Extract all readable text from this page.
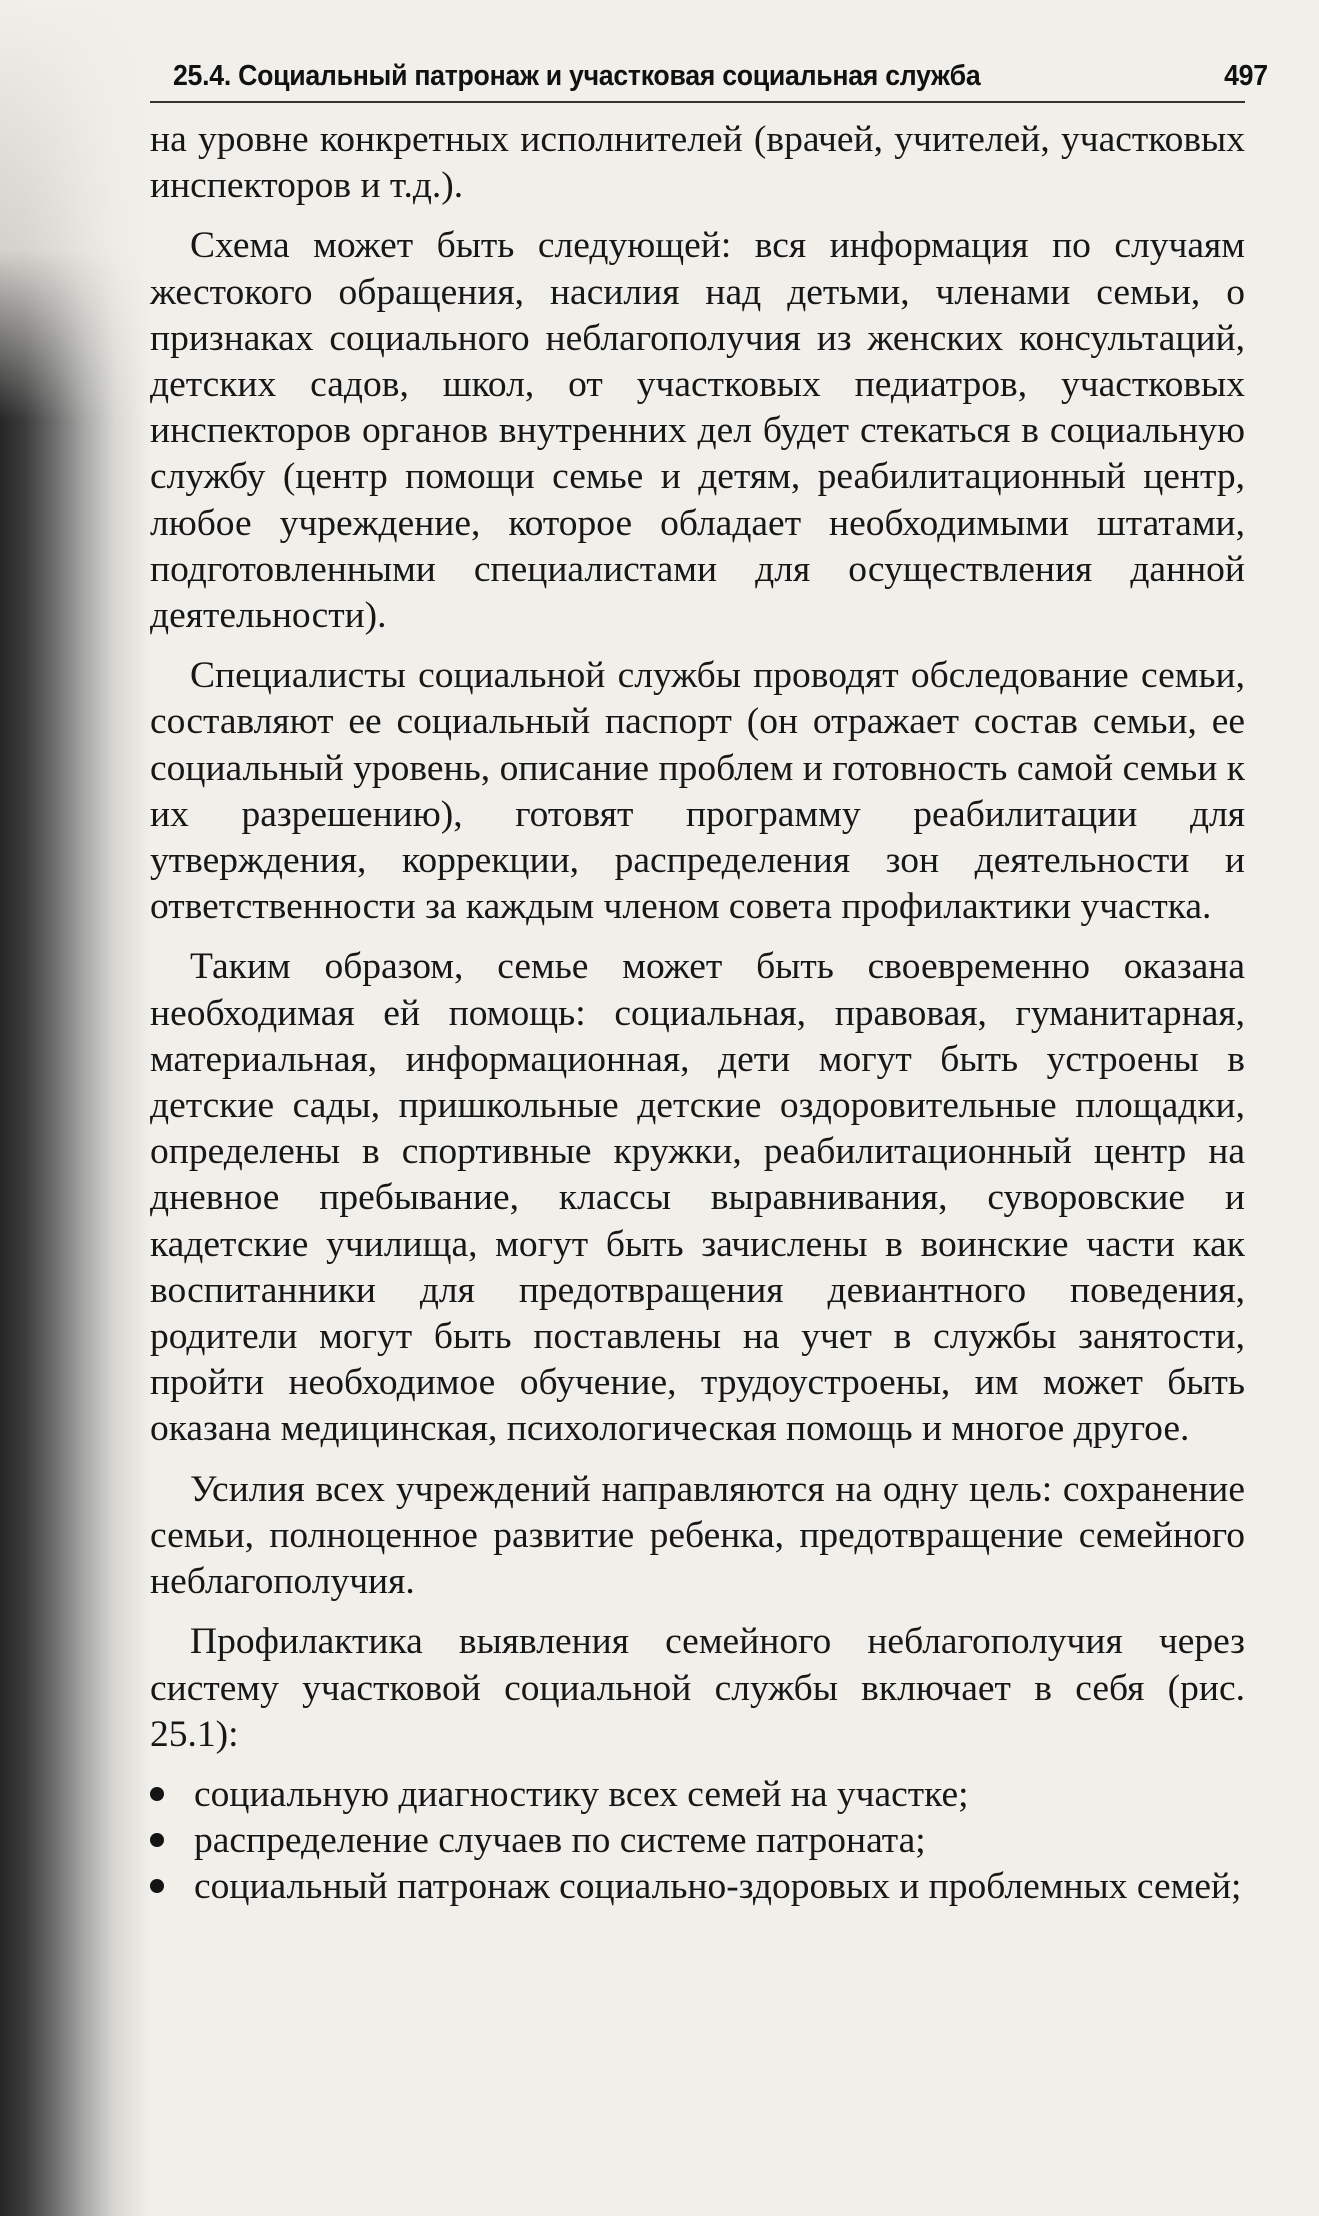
25.4. Социальный патронаж и участковая социальная служба	497

на уровне конкретных исполнителей (врачей, учителей, участковых инспекторов и т.д.).

Схема может быть следующей: вся информация по случаям жестокого обращения, насилия над детьми, членами семьи, о признаках социального неблагополучия из женских консультаций, детских садов, школ, от участковых педиатров, участковых инспекторов органов внутренних дел будет стекаться в социальную службу (центр помощи семье и детям, реабилитационный центр, любое учреждение, которое обладает необходимыми штатами, подготовленными специалистами для осуществления данной деятельности).

Специалисты социальной службы проводят обследование семьи, составляют ее социальный паспорт (он отражает состав семьи, ее социальный уровень, описание проблем и готовность самой семьи к их разрешению), готовят программу реабилитации для утверждения, коррекции, распределения зон деятельности и ответственности за каждым членом совета профилактики участка.

Таким образом, семье может быть своевременно оказана необходимая ей помощь: социальная, правовая, гуманитарная, материальная, информационная, дети могут быть устроены в детские сады, пришкольные детские оздоровительные площадки, определены в спортивные кружки, реабилитационный центр на дневное пребывание, классы выравнивания, суворовские и кадетские училища, могут быть зачислены в воинские части как воспитанники для предотвращения девиантного поведения, родители могут быть поставлены на учет в службы занятости, пройти необходимое обучение, трудоустроены, им может быть оказана медицинская, психологическая помощь и многое другое.

Усилия всех учреждений направляются на одну цель: сохранение семьи, полноценное развитие ребенка, предотвращение семейного неблагополучия.

Профилактика выявления семейного неблагополучия через систему участковой социальной службы включает в себя (рис. 25.1):

социальную диагностику всех семей на участке;
распределение случаев по системе патроната;
социальный патронаж социально-здоровых и проблемных семей;
